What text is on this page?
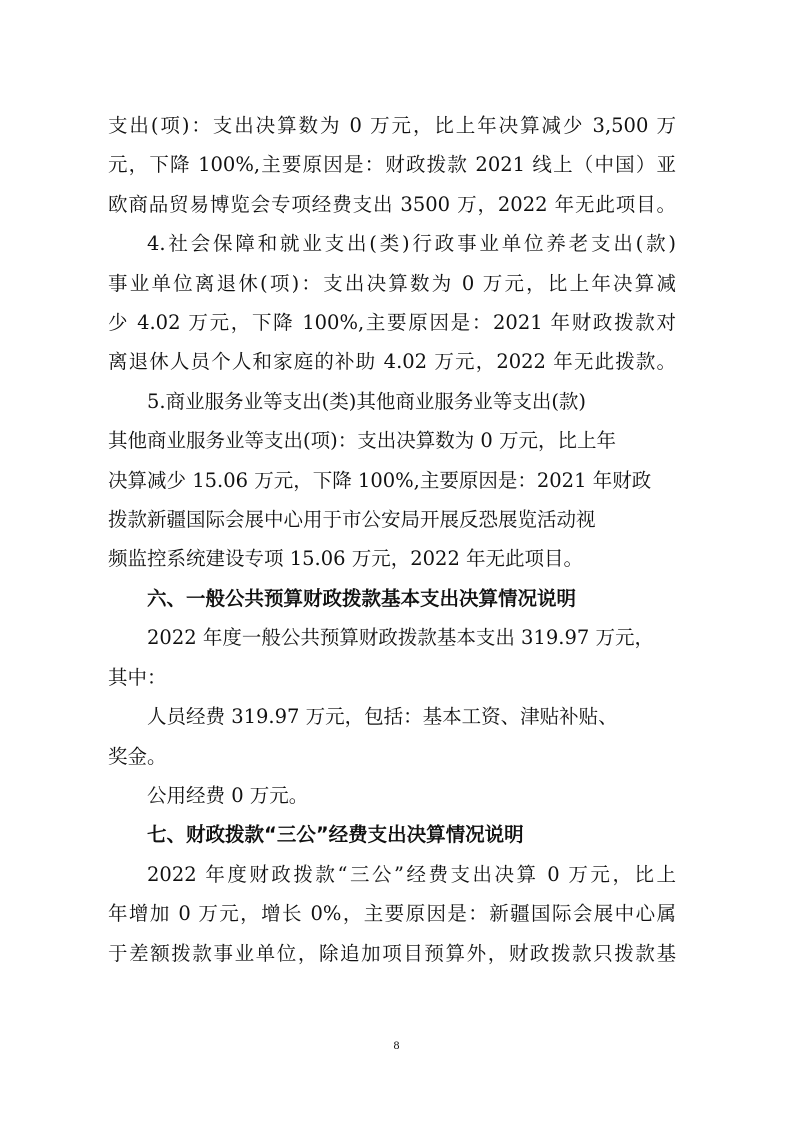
支出(项)：支出决算数为 0 万元，比上年决算减少 3,500 万
元，下降 100%,主要原因是：财政拨款 2021 线上（中国）亚
欧商品贸易博览会专项经费支出 3500 万，2022 年无此项目。

4.社会保障和就业支出(类)行政事业单位养老支出(款)
事业单位离退休(项)：支出决算数为 0 万元，比上年决算减
少 4.02 万元，下降 100%,主要原因是：2021 年财政拨款对
离退休人员个人和家庭的补助 4.02 万元，2022 年无此拨款。

5.商业服务业等支出(类)其他商业服务业等支出(款)
其他商业服务业等支出(项)：支出决算数为 0 万元，比上年
决算减少 15.06 万元，下降 100%,主要原因是：2021 年财政
拨款新疆国际会展中心用于市公安局开展反恐展览活动视
频监控系统建设专项 15.06 万元，2022 年无此项目。

六、一般公共预算财政拨款基本支出决算情况说明

2022 年度一般公共预算财政拨款基本支出 319.97 万元，
其中：

人员经费 319.97 万元，包括：基本工资、津贴补贴、
奖金。

公用经费 0 万元。

七、财政拨款“三公”经费支出决算情况说明

2022 年度财政拨款“三公”经费支出决算 0 万元，比上
年增加 0 万元，增长 0%，主要原因是：新疆国际会展中心属
于差额拨款事业单位，除追加项目预算外，财政拨款只拨款基

8
